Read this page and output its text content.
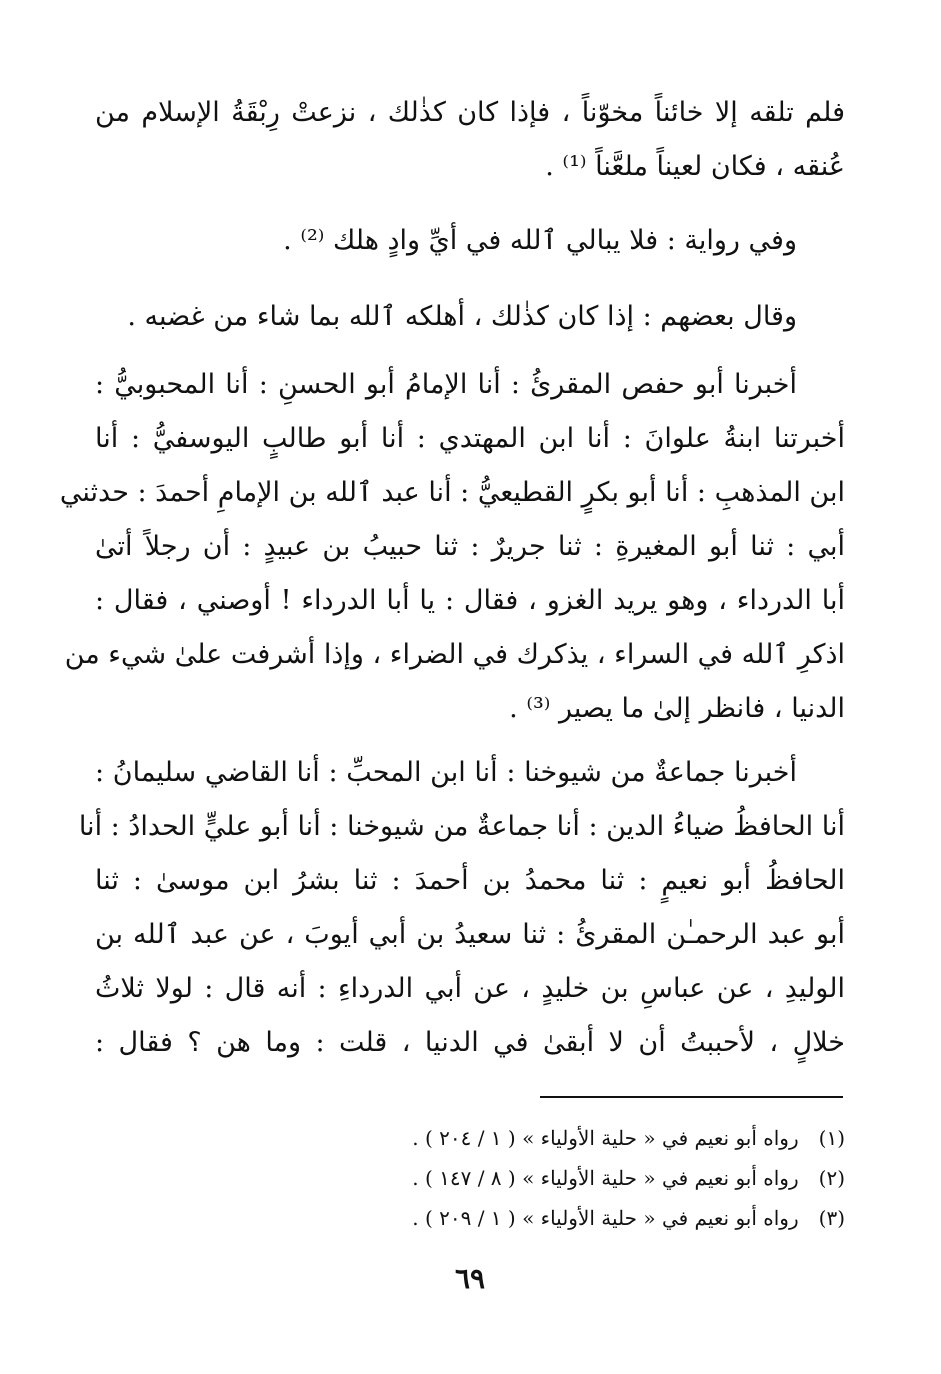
فلم تلقه إلا خائناً مخوّناً ، فإذا كان كذٰلك ، نزعتْ رِبْقَةُ الإسلام من
عُنقه ، فكان لعيناً ملعَّناً ⁽¹⁾ .
وفي رواية : فلا يبالي ٱلله في أيِّ وادٍ هلك ⁽²⁾ .
وقال بعضهم : إذا كان كذٰلك ، أهلكه ٱلله بما شاء من غضبه .
أخبرنا أبو حفص المقرئُ : أنا الإمامُ أبو الحسنِ : أنا المحبوبيُّ :
أخبرتنا ابنةُ علوانَ : أنا ابن المهتدي : أنا أبو طالبٍ اليوسفيُّ : أنا
ابن المذهبِ : أنا أبو بكرٍ القطيعيُّ : أنا عبد ٱلله بن الإمامِ أحمدَ : حدثني
أبي : ثنا أبو المغيرةِ : ثنا جريرٌ : ثنا حبيبُ بن عبيدٍ : أن رجلاً أتىٰ
أبا الدرداء ، وهو يريد الغزو ، فقال : يا أبا الدرداء ! أوصني ، فقال :
اذكرِ ٱلله في السراء ، يذكرك في الضراء ، وإذا أشرفت علىٰ شيء من
الدنيا ، فانظر إلىٰ ما يصير ⁽³⁾ .
أخبرنا جماعةٌ من شيوخنا : أنا ابن المحبِّ : أنا القاضي سليمانُ :
أنا الحافظُ ضياءُ الدين : أنا جماعةٌ من شيوخنا : أنا أبو عليٍّ الحدادُ : أنا
الحافظُ أبو نعيمٍ : ثنا محمدُ بن أحمدَ : ثنا بشرُ ابن موسىٰ : ثنا
أبو عبد الرحمـٰن المقرئُ : ثنا سعيدُ بن أبي أيوبَ ، عن عبد ٱلله بن
الوليدِ ، عن عباسِ بن خليدٍ ، عن أبي الدرداءِ : أنه قال : لولا ثلاثُ
خلالٍ ، لأحببتُ أن لا أبقىٰ في الدنيا ، قلت : وما هن ؟ فقال :
(١) رواه أبو نعيم في « حلية الأولياء » ( ١ / ٢٠٤ ) .
(٢) رواه أبو نعيم في « حلية الأولياء » ( ٨ / ١٤٧ ) .
(٣) رواه أبو نعيم في « حلية الأولياء » ( ١ / ٢٠٩ ) .
٦٩
